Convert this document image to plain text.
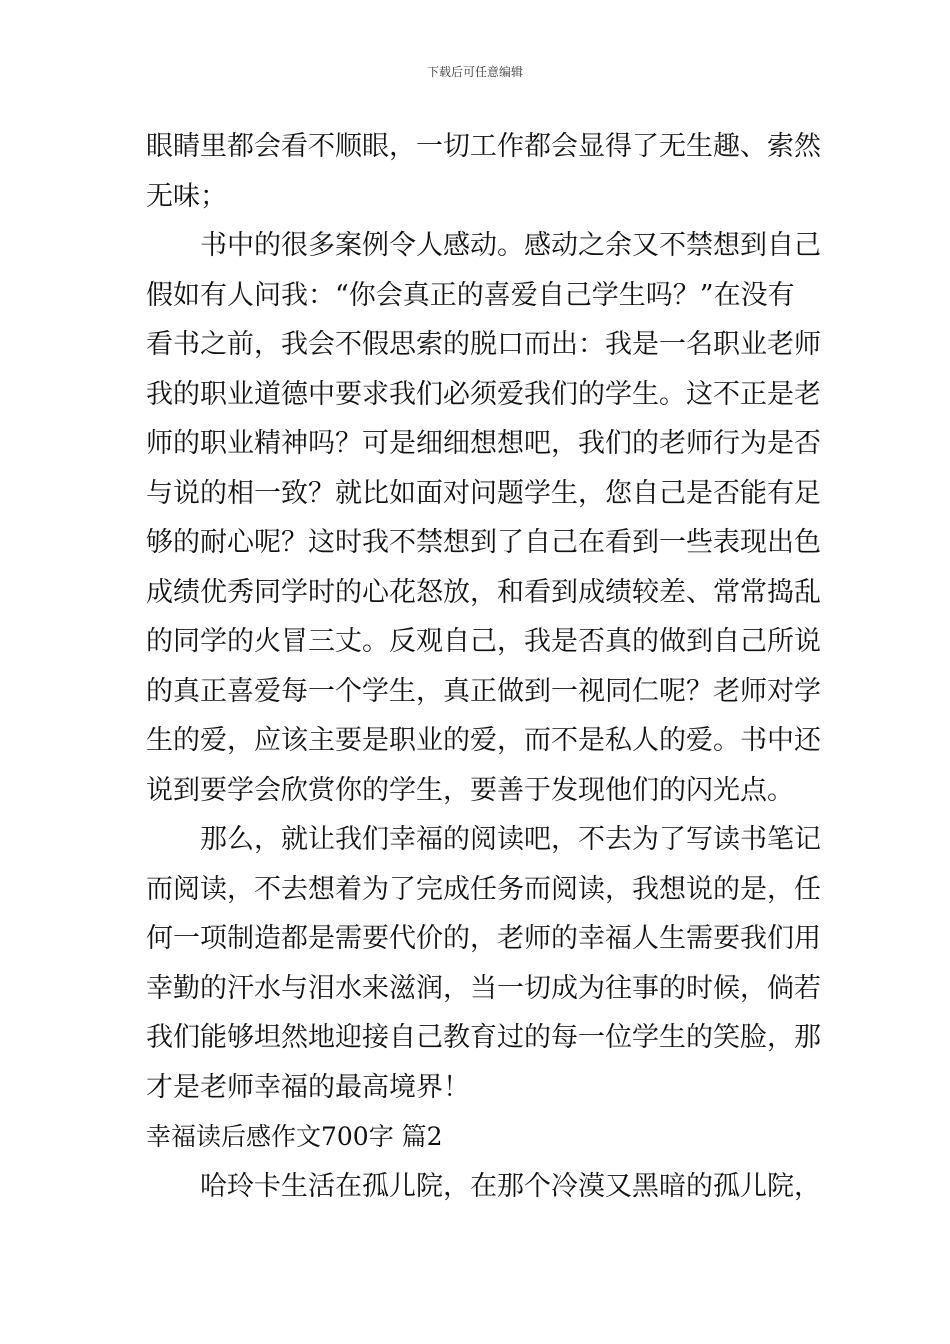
下载后可任意编辑
眼睛里都会看不顺眼，一切工作都会显得了无生趣、索然
无味；
书中的很多案例令人感动。感动之余又不禁想到自己
假如有人问我：“你会真正的喜爱自己学生吗？”在没有
看书之前，我会不假思索的脱口而出：我是一名职业老师
我的职业道德中要求我们必须爱我们的学生。这不正是老
师的职业精神吗？可是细细想想吧，我们的老师行为是否
与说的相一致？就比如面对问题学生，您自己是否能有足
够的耐心呢？这时我不禁想到了自己在看到一些表现出色
成绩优秀同学时的心花怒放，和看到成绩较差、常常捣乱
的同学的火冒三丈。反观自己，我是否真的做到自己所说
的真正喜爱每一个学生，真正做到一视同仁呢？老师对学
生的爱，应该主要是职业的爱，而不是私人的爱。书中还
说到要学会欣赏你的学生，要善于发现他们的闪光点。
那么，就让我们幸福的阅读吧，不去为了写读书笔记
而阅读，不去想着为了完成任务而阅读，我想说的是，任
何一项制造都是需要代价的，老师的幸福人生需要我们用
幸勤的汗水与泪水来滋润，当一切成为往事的时候，倘若
我们能够坦然地迎接自己教育过的每一位学生的笑脸，那
才是老师幸福的最高境界！
幸福读后感作文700字 篇2
哈玲卡生活在孤儿院，在那个冷漠又黑暗的孤儿院，
